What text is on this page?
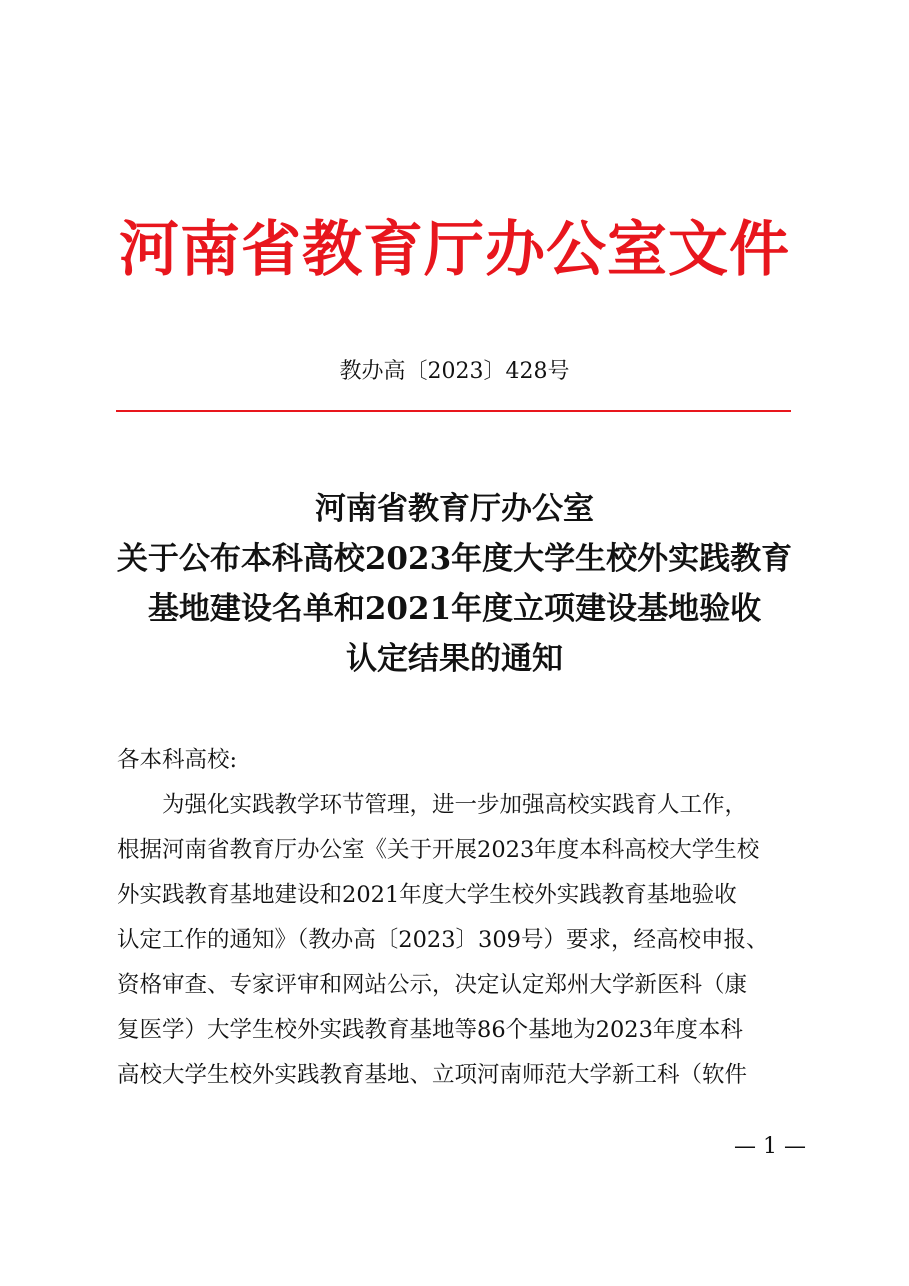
河南省教育厅办公室文件
教办高〔2023〕428号
河南省教育厅办公室
关于公布本科高校2023年度大学生校外实践教育
基地建设名单和2021年度立项建设基地验收
认定结果的通知
各本科高校:
为强化实践教学环节管理，进一步加强高校实践育人工作，
根据河南省教育厅办公室《关于开展2023年度本科高校大学生校
外实践教育基地建设和2021年度大学生校外实践教育基地验收
认定工作的通知》（教办高〔2023〕309号）要求，经高校申报、
资格审查、专家评审和网站公示，决定认定郑州大学新医科（康
复医学）大学生校外实践教育基地等86个基地为2023年度本科
高校大学生校外实践教育基地、立项河南师范大学新工科（软件
— 1 —
